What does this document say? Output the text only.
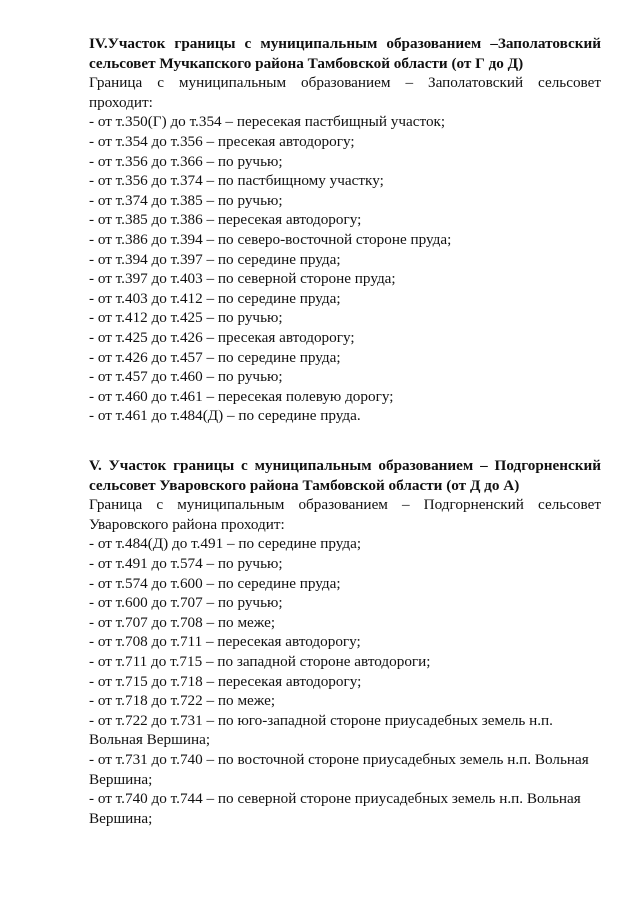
IV.Участок границы с муниципальным образованием –Заполатовский
сельсовет Мучкапского района Тамбовской области (от Г до Д)
Граница с муниципальным образованием – Заполатовский сельсовет
проходит:
- от т.350(Г) до т.354 – пересекая пастбищный участок;
- от т.354 до т.356 – пресекая автодорогу;
- от т.356 до т.366 – по ручью;
- от т.356 до т.374 – по пастбищному участку;
- от т.374 до т.385 – по ручью;
- от т.385 до т.386 – пересекая автодорогу;
- от т.386 до т.394 – по северо-восточной стороне пруда;
- от т.394 до т.397 – по середине пруда;
- от т.397 до т.403 – по северной стороне пруда;
- от т.403 до т.412 – по середине пруда;
- от т.412 до т.425 – по ручью;
- от т.425 до т.426 – пресекая автодорогу;
- от т.426 до т.457 – по середине пруда;
- от т.457 до т.460 – по ручью;
- от т.460 до т.461 – пересекая полевую дорогу;
- от т.461 до т.484(Д) – по середине пруда.
V. Участок границы с муниципальным образованием – Подгорненский
сельсовет Уваровского района Тамбовской области (от Д до А)
Граница с муниципальным образованием – Подгорненский сельсовет
Уваровского района проходит:
- от т.484(Д) до т.491 – по середине пруда;
- от т.491 до т.574 – по ручью;
- от т.574 до т.600 – по середине пруда;
- от т.600 до т.707 – по ручью;
- от т.707 до т.708 – по меже;
- от т.708 до т.711 – пересекая автодорогу;
- от т.711 до т.715 – по западной стороне автодороги;
- от т.715 до т.718 – пересекая автодорогу;
- от т.718 до т.722 – по меже;
- от т.722 до т.731 – по юго-западной стороне приусадебных земель н.п.
Вольная Вершина;
- от т.731 до т.740 – по восточной стороне приусадебных земель н.п. Вольная
Вершина;
- от т.740 до т.744 – по северной стороне приусадебных земель н.п. Вольная
Вершина;
